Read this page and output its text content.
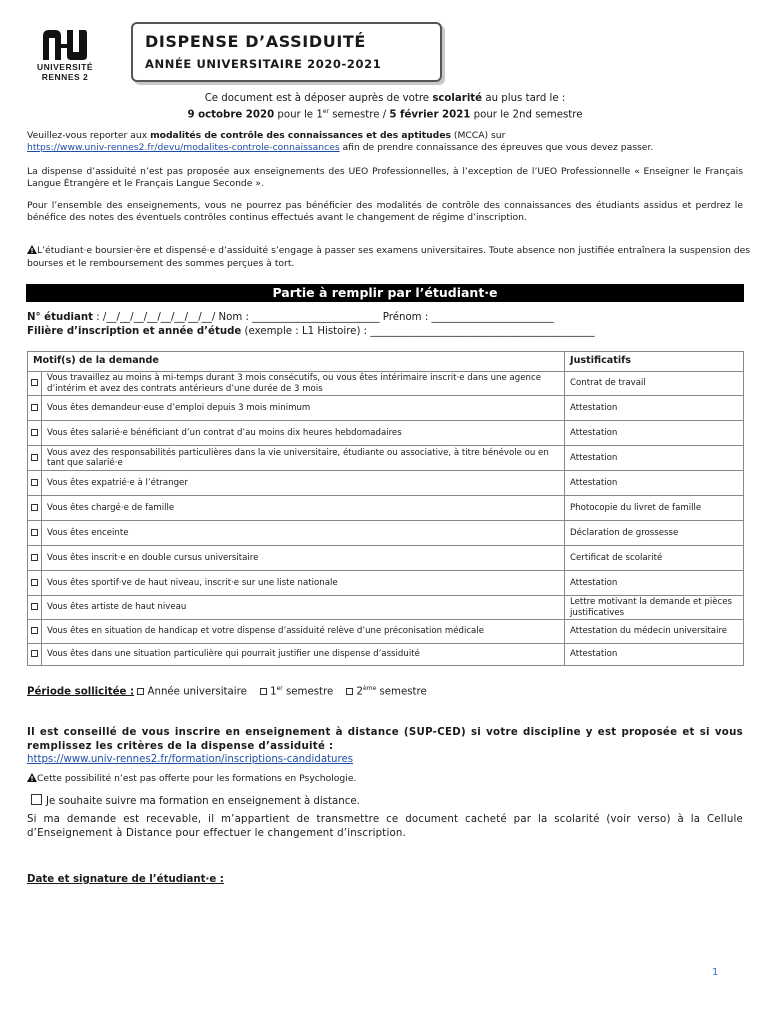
UNIVERSITÉ
RENNES 2
DISPENSE D’ASSIDUITÉ
ANNÉE UNIVERSITAIRE 2020-2021
Ce document est à déposer auprès de votre scolarité au plus tard le :
9 octobre 2020 pour le 1er semestre / 5 février 2021 pour le 2nd semestre
Veuillez-vous reporter aux modalités de contrôle des connaissances et des aptitudes (MCCA) sur
https://www.univ-rennes2.fr/devu/modalites-controle-connaissances afin de prendre connaissance des épreuves que vous devez passer.
La dispense d’assiduité n’est pas proposée aux enseignements des UEO Professionnelles, à l’exception de l’UEO Professionnelle « Enseigner le Français Langue Étrangère et le Français Langue Seconde ».
Pour l’ensemble des enseignements, vous ne pourrez pas bénéficier des modalités de contrôle des connaissances des étudiants assidus et perdrez le bénéfice des notes des éventuels contrôles continus effectués avant le changement de régime d’inscription.
L’étudiant·e boursier·ère et dispensé·e d’assiduité s’engage à passer ses examens universitaires. Toute absence non justifiée entraînera la suspension des bourses et le remboursement des sommes perçues à tort.
Partie à remplir par l’étudiant·e
N° étudiant : /__/__/__/__/__/__/__/__/ Nom : _________________________ Prénom : ________________________
Filière d’inscription et année d’étude (exemple : L1 Histoire) : ____________________________________________
Motif(s) de la demande		Justificatifs
	Vous travaillez au moins à mi-temps durant 3 mois consécutifs, ou vous êtes intérimaire inscrit·e dans une agence d’intérim et avez des contrats antérieurs d’une durée de 3 mois	Contrat de travail
	Vous êtes demandeur·euse d’emploi depuis 3 mois minimum	Attestation
	Vous êtes salarié·e bénéficiant d’un contrat d’au moins dix heures hebdomadaires	Attestation
	Vous avez des responsabilités particulières dans la vie universitaire, étudiante ou associative, à titre bénévole ou en tant que salarié·e	Attestation
	Vous êtes expatrié·e à l’étranger	Attestation
	Vous êtes chargé·e de famille	Photocopie du livret de famille
	Vous êtes enceinte	Déclaration de grossesse
	Vous êtes inscrit·e en double cursus universitaire	Certificat de scolarité
	Vous êtes sportif·ve de haut niveau, inscrit·e sur une liste nationale	Attestation
	Vous êtes artiste de haut niveau	Lettre motivant la demande et pièces justificatives
	Vous êtes en situation de handicap et votre dispense d’assiduité relève d’une préconisation médicale	Attestation du médecin universitaire
	Vous êtes dans une situation particulière qui pourrait justifier une dispense d’assiduité	Attestation
Période sollicitée : Année universitaire 1er semestre 2ème semestre
Il est conseillé de vous inscrire en enseignement à distance (SUP-CED) si votre discipline y est proposée et si vous remplissez les critères de la dispense d’assiduité :
https://www.univ-rennes2.fr/formation/inscriptions-candidatures
Cette possibilité n’est pas offerte pour les formations en Psychologie.
Je souhaite suivre ma formation en enseignement à distance.
Si ma demande est recevable, il m’appartient de transmettre ce document cacheté par la scolarité (voir verso) à la Cellule d’Enseignement à Distance pour effectuer le changement d’inscription.
Date et signature de l’étudiant·e :
1
